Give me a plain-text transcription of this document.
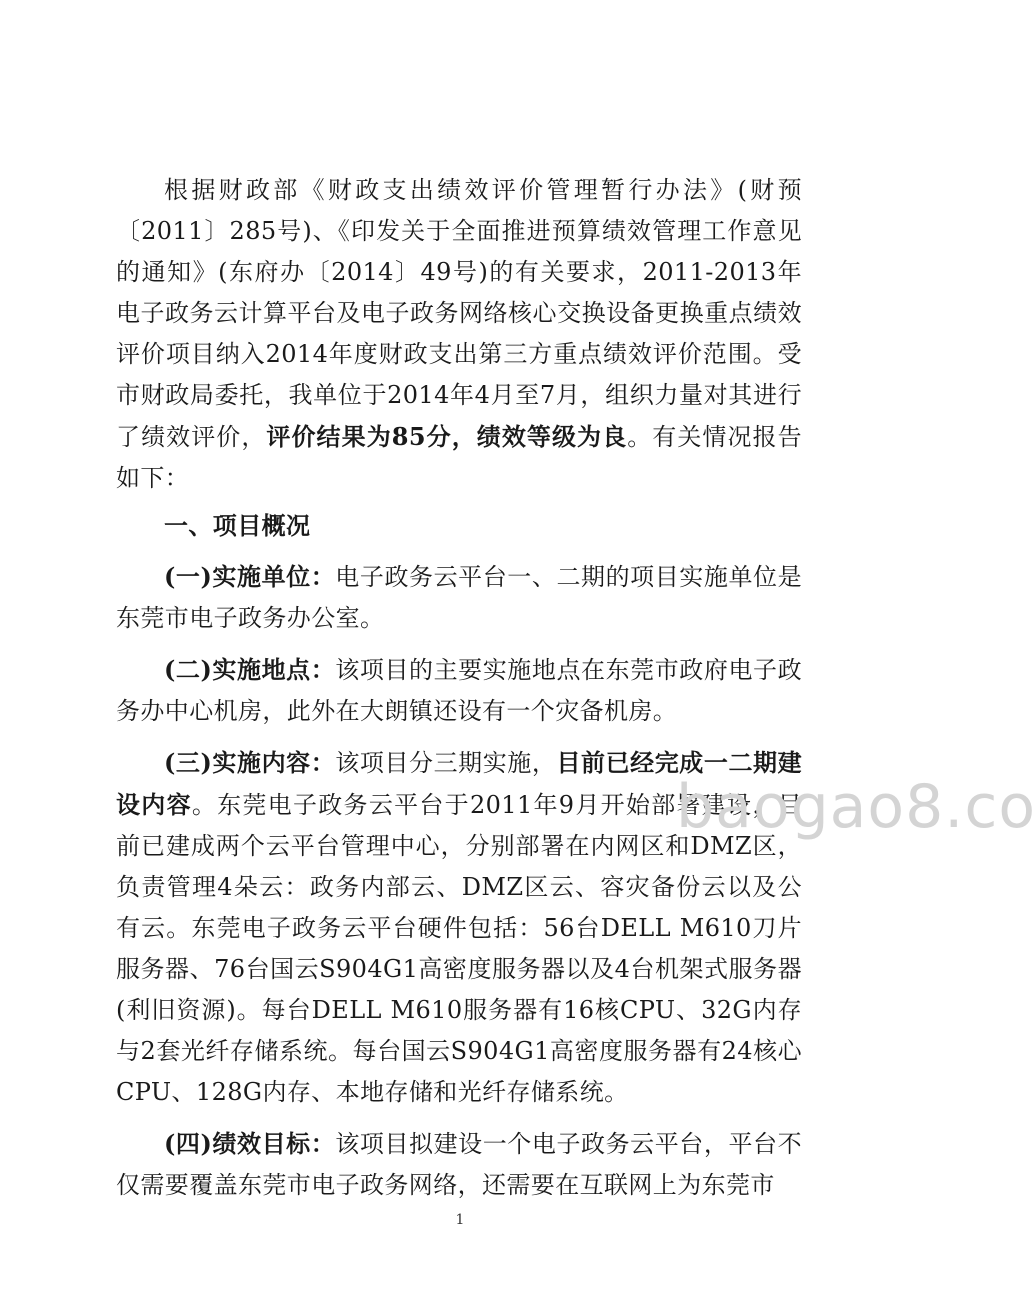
根据财政部《财政支出绩效评价管理暂行办法》(财预〔2011〕285号)、《印发关于全面推进预算绩效管理工作意见的通知》(东府办〔2014〕49号)的有关要求，2011-2013年电子政务云计算平台及电子政务网络核心交换设备更换重点绩效评价项目纳入2014年度财政支出第三方重点绩效评价范围。受市财政局委托，我单位于2014年4月至7月，组织力量对其进行了绩效评价，评价结果为85分，绩效等级为良。有关情况报告如下：

一、项目概况

(一)实施单位：电子政务云平台一、二期的项目实施单位是东莞市电子政务办公室。

(二)实施地点：该项目的主要实施地点在东莞市政府电子政务办中心机房，此外在大朗镇还设有一个灾备机房。

(三)实施内容：该项目分三期实施，目前已经完成一二期建设内容。东莞电子政务云平台于2011年9月开始部署建设，目前已建成两个云平台管理中心，分别部署在内网区和DMZ区，负责管理4朵云：政务内部云、DMZ区云、容灾备份云以及公有云。东莞电子政务云平台硬件包括：56台DELL M610刀片服务器、76台国云S904G1高密度服务器以及4台机架式服务器(利旧资源)。每台DELL M610服务器有16核CPU、32G内存与2套光纤存储系统。每台国云S904G1高密度服务器有24核心CPU、128G内存、本地存储和光纤存储系统。

(四)绩效目标：该项目拟建设一个电子政务云平台，平台不仅需要覆盖东莞市电子政务网络，还需要在互联网上为东莞市

baogao8.co
1
